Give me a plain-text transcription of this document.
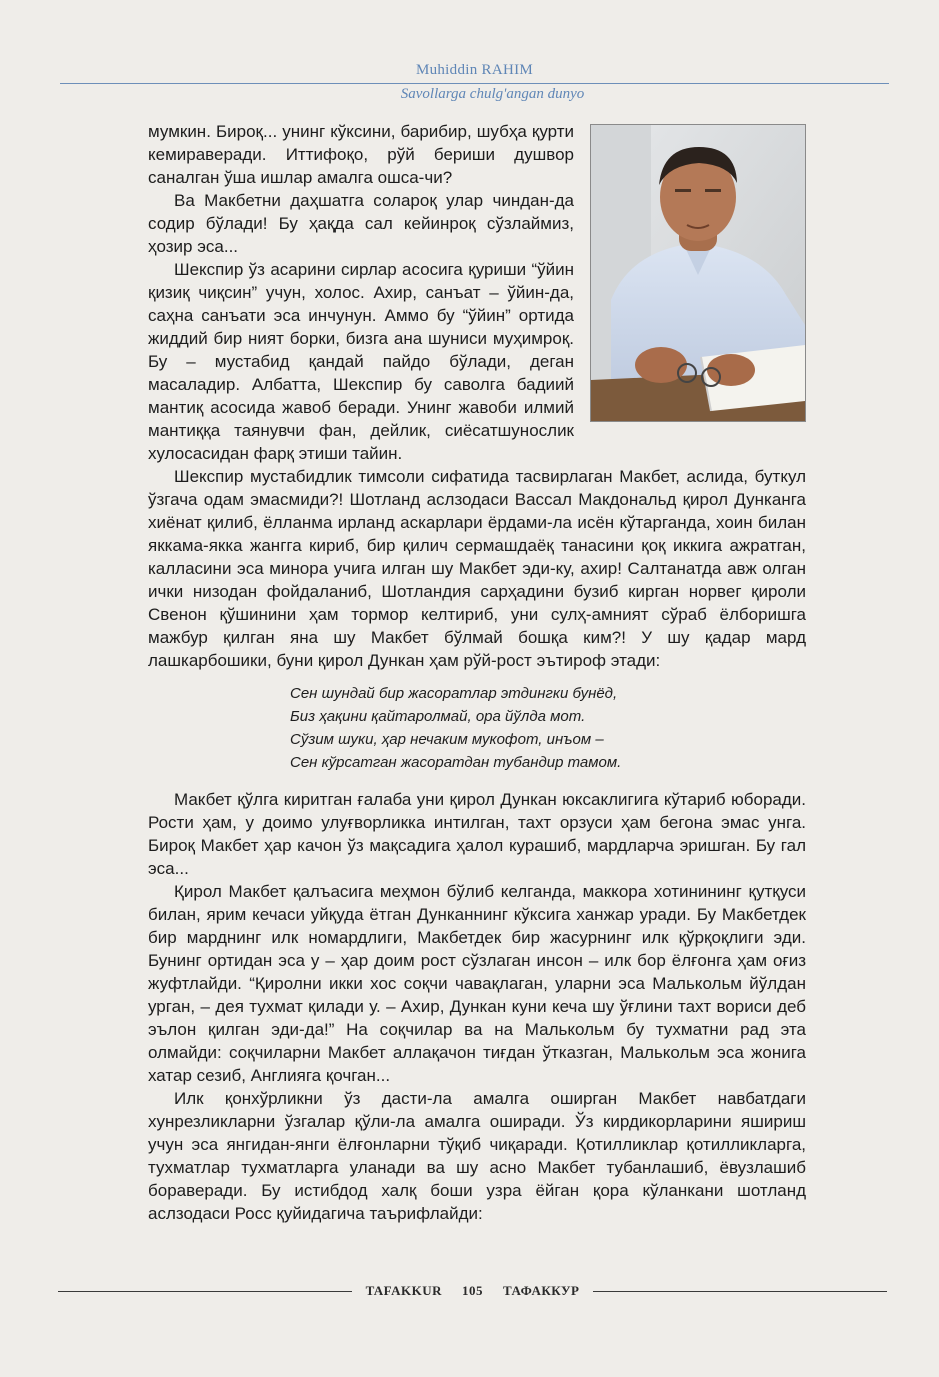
Muhiddin RAHIM
Savollarga chulg'angan dunyo

мумкин. Бироқ... унинг кўксини, барибир, шубҳа қурти кемираверади. Иттифоқо, рўй бериши душвор саналган ўша ишлар амалга ошса-чи?

Ва Макбетни даҳшатга солароқ улар чиндан-да содир бўлади! Бу ҳақда сал кейинроқ сўзлаймиз, ҳозир эса...

Шекспир ўз асарини сирлар асосига қуриши “ўйин қизиқ чиқсин” учун, холос. Ахир, санъат – ўйин-да, саҳна санъати эса инчунун. Аммо бу “ўйин” ортида жиддий бир ният борки, бизга ана шуниси муҳимроқ. Бу – мустабид қандай пайдо бўлади, деган масаладир. Албатта, Шекспир бу саволга бадиий мантиқ асосида жавоб беради. Унинг жавоби илмий мантиққа таянувчи фан, дейлик, сиёсатшунослик хулосасидан фарқ этиши тайин.

Шекспир мустабидлик тимсоли сифатида тасвирлаган Макбет, аслида, буткул ўзгача одам эмасмиди?! Шотланд аслзодаси Вассал Макдональд қирол Дунканга хиёнат қилиб, ёлланма ирланд аскарлари ёрдами-ла исён кўтарганда, хоин билан яккама-якка жангга кириб, бир қилич сермашдаёқ танасини қоқ иккига ажратган, калласини эса минора учига илган шу Макбет эди-ку, ахир! Салтанатда авж олган ички низодан фойдаланиб, Шотландия сарҳадини бузиб кирган норвег қироли Свенон қўшинини ҳам тормор келтириб, уни сулҳ-амният сўраб ёлборишга мажбур қилган яна шу Макбет бўлмай бошқа ким?! У шу қадар мард лашкарбошики, буни қирол Дункан ҳам рўй-рост эътироф этади:

Сен шундай бир жасоратлар этдингки бунёд,
Биз ҳақини қайтаролмай, ора йўлда мот.
Сўзим шуки, ҳар нечаким мукофот, инъом –
Сен кўрсатган жасоратдан тубандир тамом.

Макбет қўлга киритган ғалаба уни қирол Дункан юксаклигига кўтариб юборади. Рости ҳам, у доимо улуғворликка интилган, тахт орзуси ҳам бегона эмас унга. Бироқ Макбет ҳар качон ўз мақсадига ҳалол курашиб, мардларча эришган. Бу гал эса...

Қирол Макбет қалъасига меҳмон бўлиб келганда, маккора хотинининг қутқуси билан, ярим кечаси уйқуда ётган Дунканнинг кўксига ханжар уради. Бу Макбетдек бир марднинг илк номардлиги, Макбетдек бир жасурнинг илк қўрқоқлиги эди. Бунинг ортидан эса у – ҳар доим рост сўзлаган инсон – илк бор ёлғонга ҳам оғиз жуфтлайди. “Қиролни икки хос соқчи чавақлаган, уларни эса Малькольм йўлдан урган, – дея тухмат қилади у. – Ахир, Дункан куни кеча шу ўғлини тахт вориси деб эълон қилган эди-да!” На соқчилар ва на Малькольм бу тухматни рад эта олмайди: соқчиларни Макбет аллақачон тиғдан ўтказган, Малькольм эса жонига хатар сезиб, Англияга қочган...

Илк қонхўрликни ўз дасти-ла амалга оширган Макбет навбатдаги хунрезликларни ўзгалар қўли-ла амалга оширади. Ўз кирдикорларини яшириш учун эса янгидан-янги ёлғонларни тўқиб чиқаради. Қотилликлар қотилликларга, тухматлар тухматларга уланади ва шу асно Макбет тубанлашиб, ёвузлашиб бораверади. Бу истибдод халқ боши узра ёйган қора кўланкани шотланд аслзодаси Росс қуйидагича таърифлайди:

TAFAKKUR 105 ТАФАККУР
